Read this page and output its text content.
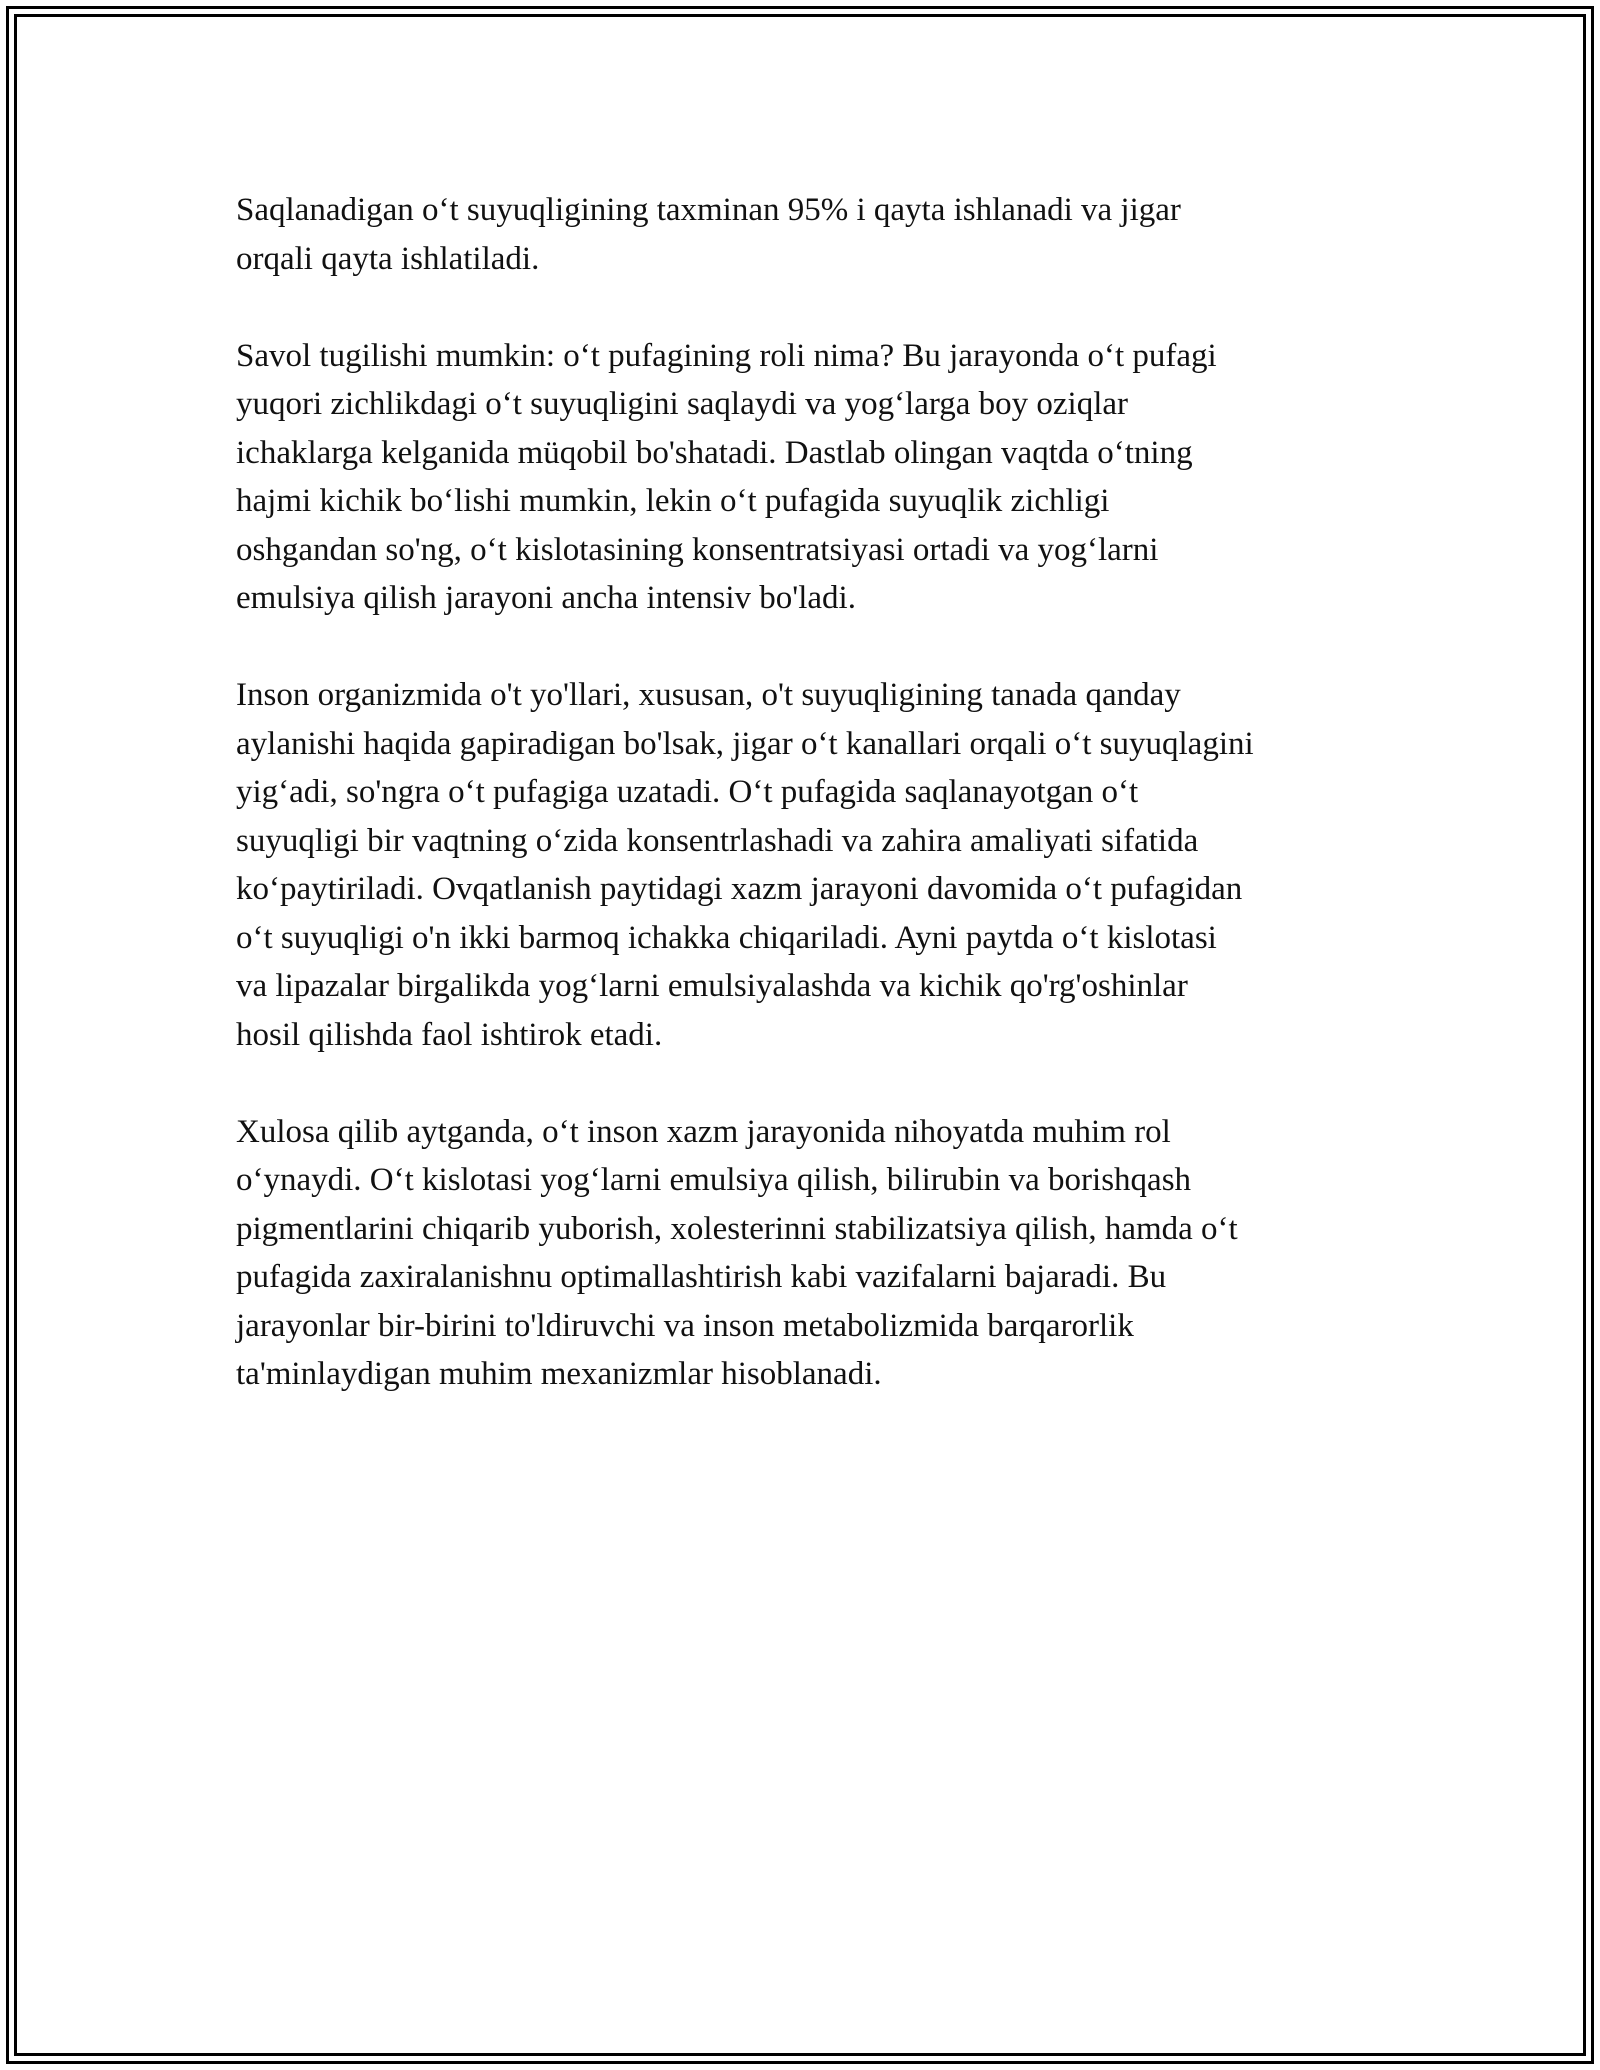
Saqlanadigan o‘t suyuqligining taxminan 95% i qayta ishlanadi va jigar
orqali qayta ishlatiladi.

Savol tugilishi mumkin: o‘t pufagining roli nima? Bu jarayonda o‘t pufagi
yuqori zichlikdagi o‘t suyuqligini saqlaydi va yog‘larga boy oziqlar
ichaklarga kelganida müqobil bo'shatadi. Dastlab olingan vaqtda o‘tning
hajmi kichik bo‘lishi mumkin, lekin o‘t pufagida suyuqlik zichligi
oshgandan so'ng, o‘t kislotasining konsentratsiyasi ortadi va yog‘larni
emulsiya qilish jarayoni ancha intensiv bo'ladi.

Inson organizmida o't yo'llari, xususan, o't suyuqligining tanada qanday
aylanishi haqida gapiradigan bo'lsak, jigar o‘t kanallari orqali o‘t suyuqlagini
yig‘adi, so'ngra o‘t pufagiga uzatadi. O‘t pufagida saqlanayotgan o‘t
suyuqligi bir vaqtning o‘zida konsentrlashadi va zahira amaliyati sifatida
ko‘paytiriladi. Ovqatlanish paytidagi xazm jarayoni davomida o‘t pufagidan
o‘t suyuqligi o'n ikki barmoq ichakka chiqariladi. Ayni paytda o‘t kislotasi
va lipazalar birgalikda yog‘larni emulsiyalashda va kichik qo'rg'oshinlar
hosil qilishda faol ishtirok etadi.

Xulosa qilib aytganda, o‘t inson xazm jarayonida nihoyatda muhim rol
o‘ynaydi. O‘t kislotasi yog‘larni emulsiya qilish, bilirubin va borishqash
pigmentlarini chiqarib yuborish, xolesterinni stabilizatsiya qilish, hamda o‘t
pufagida zaxiralanishnu optimallashtirish kabi vazifalarni bajaradi. Bu
jarayonlar bir-birini to'ldiruvchi va inson metabolizmida barqarorlik
ta'minlaydigan muhim mexanizmlar hisoblanadi.
